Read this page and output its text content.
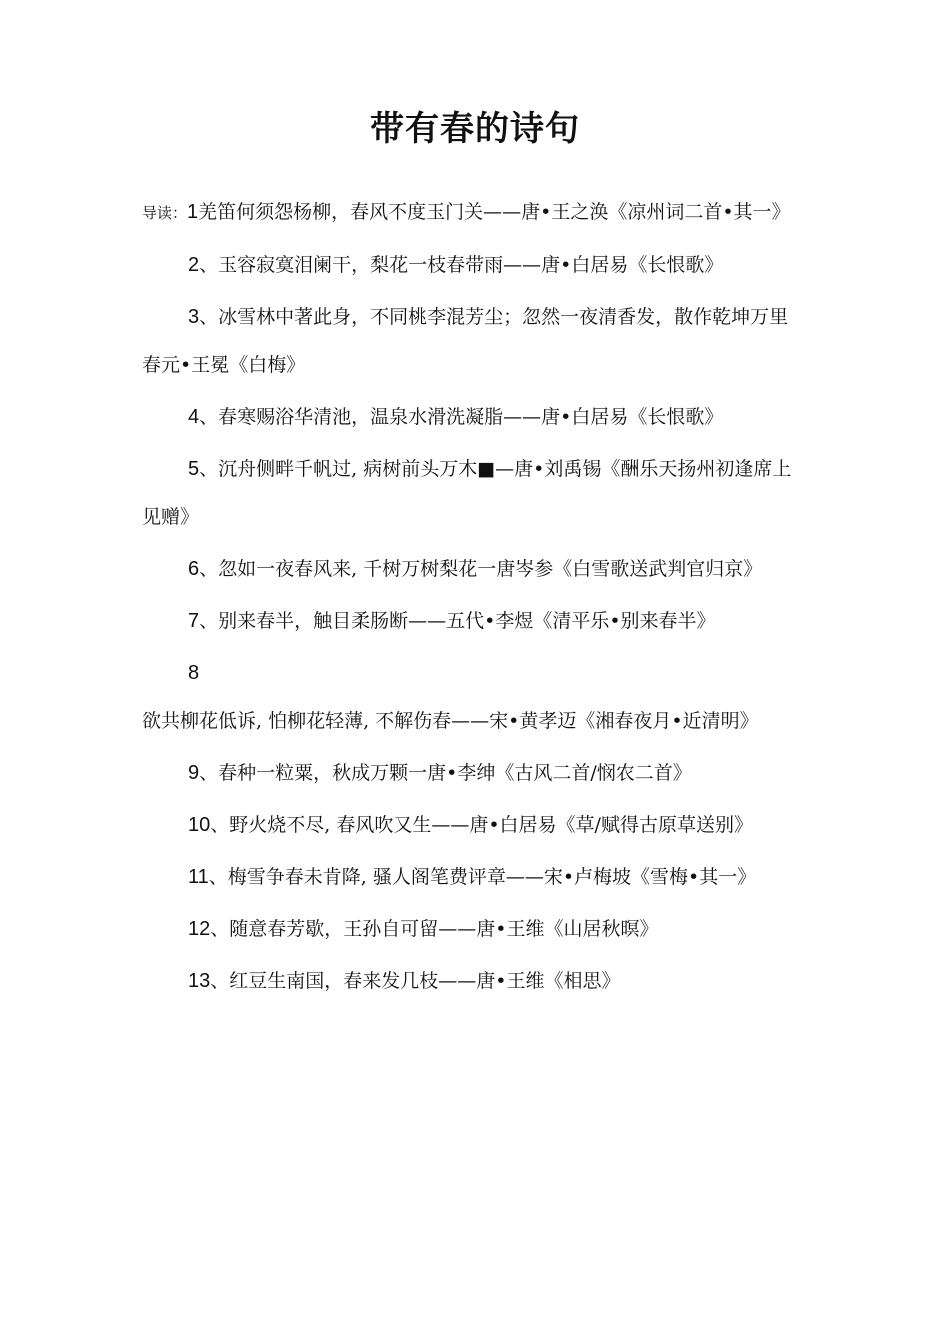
带有春的诗句

导读：1羌笛何须怨杨柳，春风不度玉门关——唐•王之涣《凉州词二首•其一》

2、玉容寂寞泪阑干，梨花一枝春带雨——唐•白居易《长恨歌》

3、冰雪林中著此身，不同桃李混芳尘；忽然一夜清香发，散作乾坤万里春元•王冕《白梅》

4、春寒赐浴华清池，温泉水滑洗凝脂——唐•白居易《长恨歌》

5、沉舟侧畔千帆过, 病树前头万木■—唐•刘禹锡《酬乐天扬州初逢席上见赠》

6、忽如一夜春风来, 千树万树梨花一唐岑参《白雪歌送武判官归京》

7、别来春半，触目柔肠断——五代•李煜《清平乐•别来春半》

8欲共柳花低诉, 怕柳花轻薄, 不解伤春——宋•黄孝迈《湘春夜月•近清明》

9、春种一粒粟，秋成万颗一唐•李绅《古风二首/悯农二首》

10、野火烧不尽, 春风吹又生——唐•白居易《草/赋得古原草送别》

11、梅雪争春未肯降, 骚人阁笔费评章——宋•卢梅坡《雪梅•其一》

12、随意春芳歇，王孙自可留——唐•王维《山居秋暝》

13、红豆生南国，春来发几枝——唐•王维《相思》
